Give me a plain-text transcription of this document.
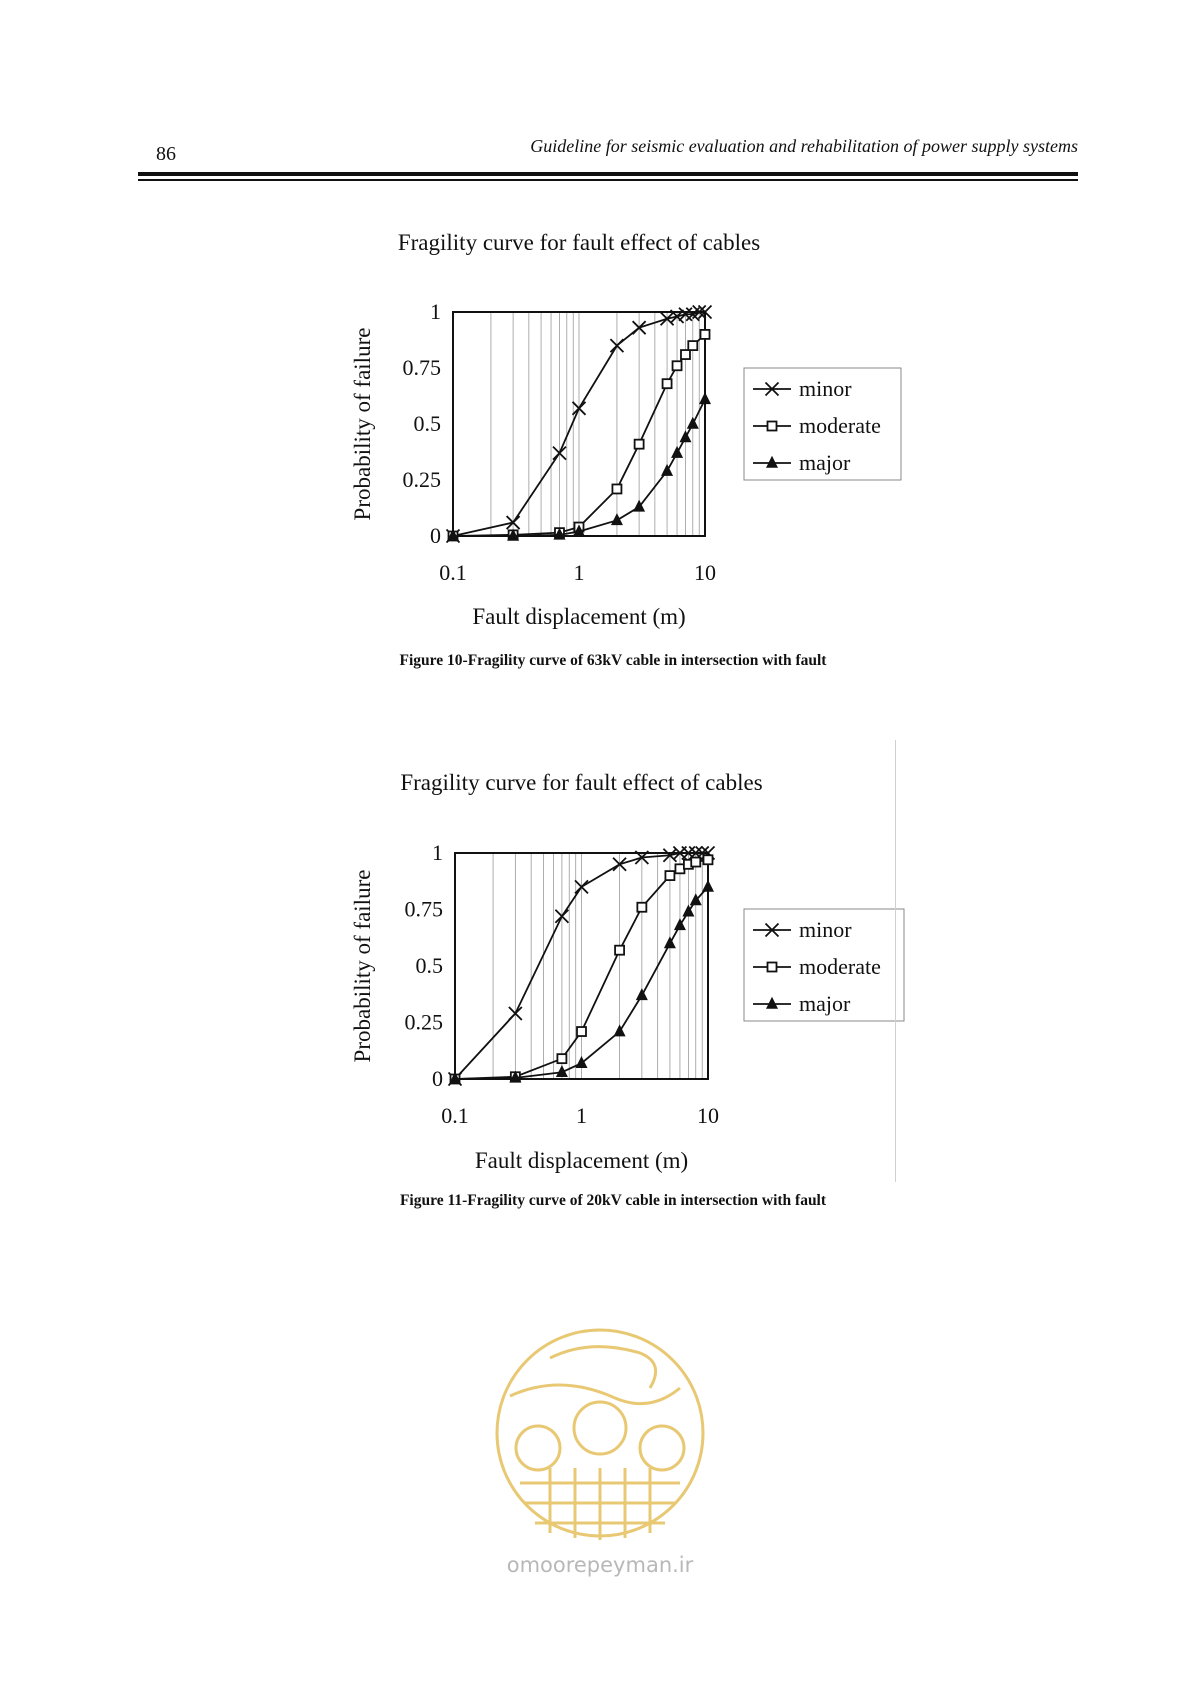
86	Guideline for seismic evaluation and rehabilitation of power supply systems
Fragility curve for fault effect of cables
0
0.25
0.5
0.75
1
0.1	1	10
Fault displacement (m)
Probability of failure	minor
moderate
major
Figure 10-Fragility curve of 63kV cable in intersection with fault
Fragility curve for fault effect of cables
0
0.25
0.5
0.75
1
0.1	1	10
Fault displacement (m)
Probability of failure	minor
moderate
major
Figure 11-Fragility curve of 20kV cable in intersection with fault
omoorepeyman.ir
